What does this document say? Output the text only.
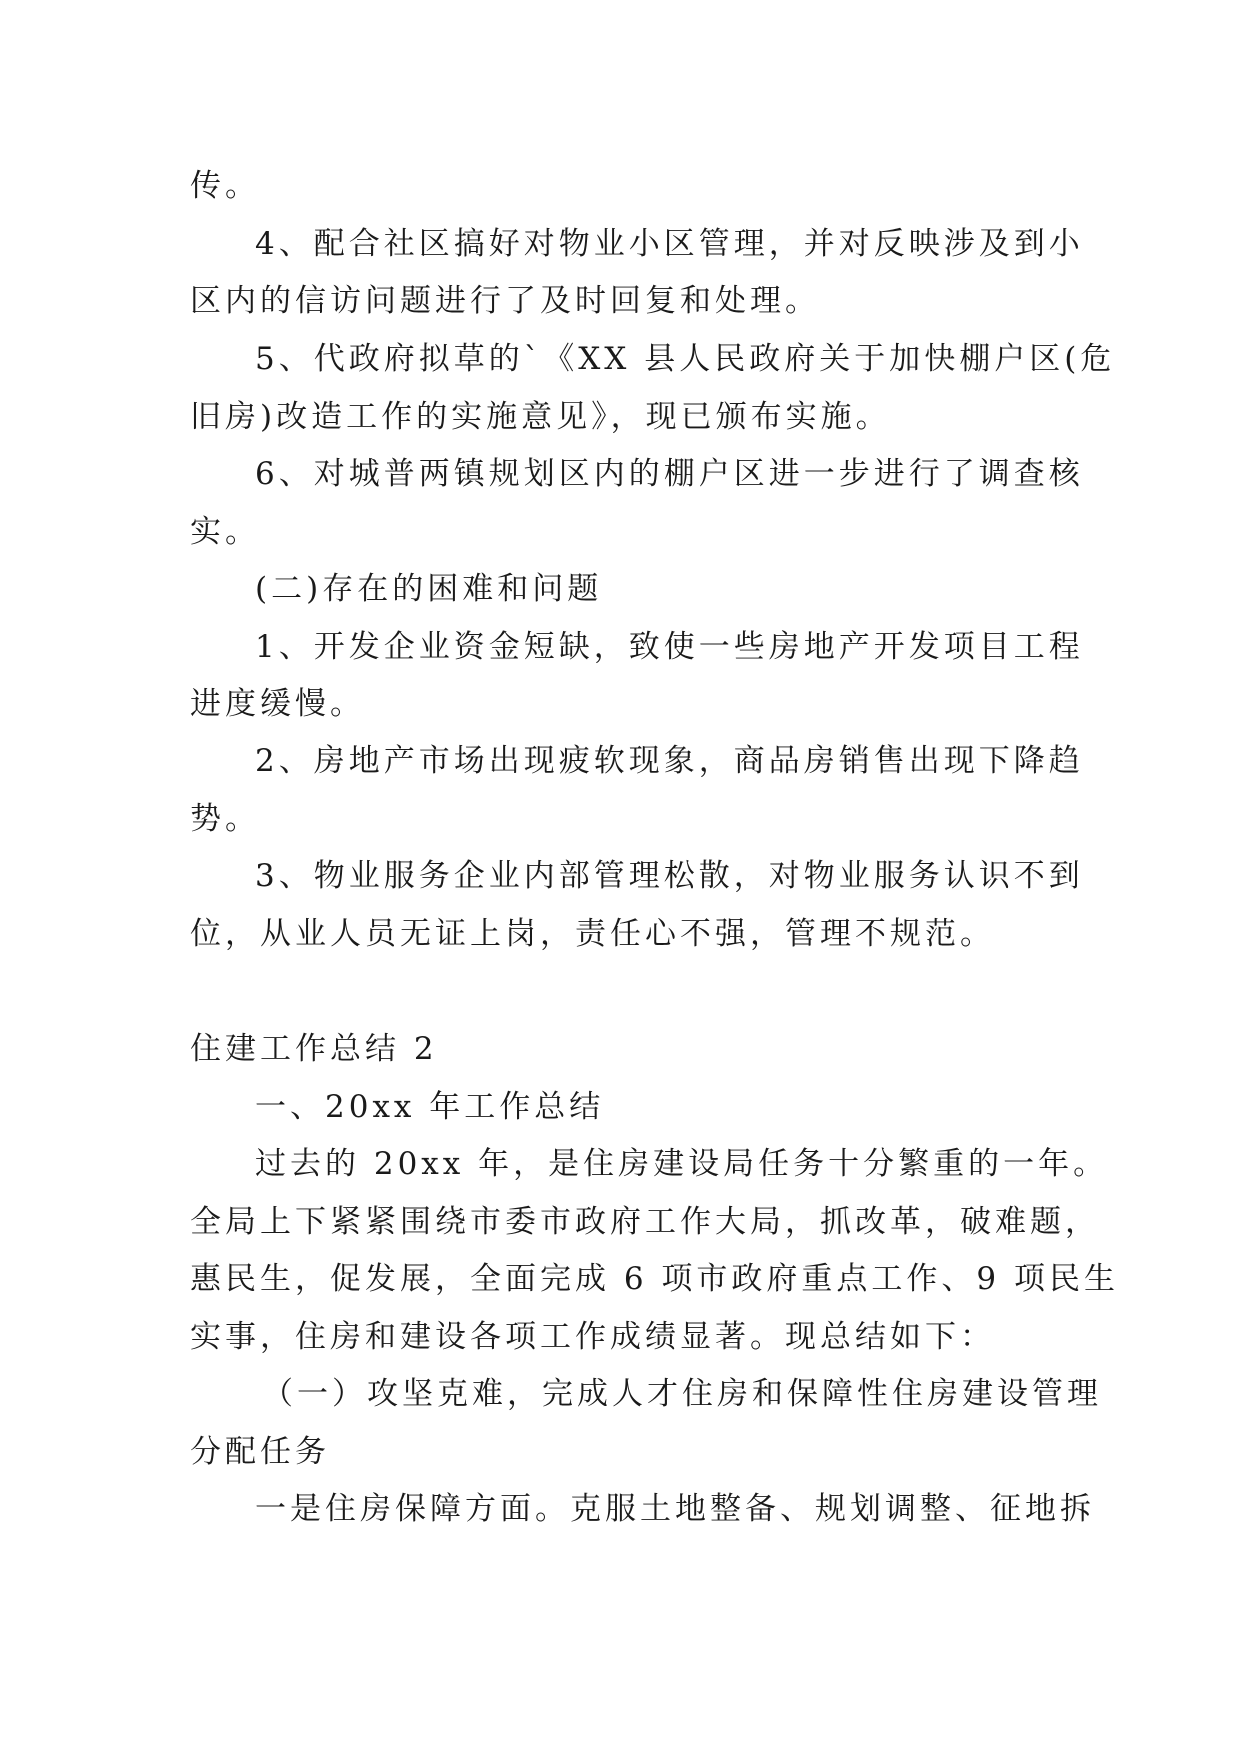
传。
4、配合社区搞好对物业小区管理，并对反映涉及到小
区内的信访问题进行了及时回复和处理。
5、代政府拟草的`《XX 县人民政府关于加快棚户区(危
旧房)改造工作的实施意见》，现已颁布实施。
6、对城普两镇规划区内的棚户区进一步进行了调查核
实。
(二)存在的困难和问题
1、开发企业资金短缺，致使一些房地产开发项目工程
进度缓慢。
2、房地产市场出现疲软现象，商品房销售出现下降趋
势。
3、物业服务企业内部管理松散，对物业服务认识不到
位，从业人员无证上岗，责任心不强，管理不规范。
住建工作总结 2
一、20xx 年工作总结
过去的 20xx 年，是住房建设局任务十分繁重的一年。
全局上下紧紧围绕市委市政府工作大局，抓改革，破难题，
惠民生，促发展，全面完成 6 项市政府重点工作、9 项民生
实事，住房和建设各项工作成绩显著。现总结如下：
（一）攻坚克难，完成人才住房和保障性住房建设管理
分配任务
一是住房保障方面。克服土地整备、规划调整、征地拆
